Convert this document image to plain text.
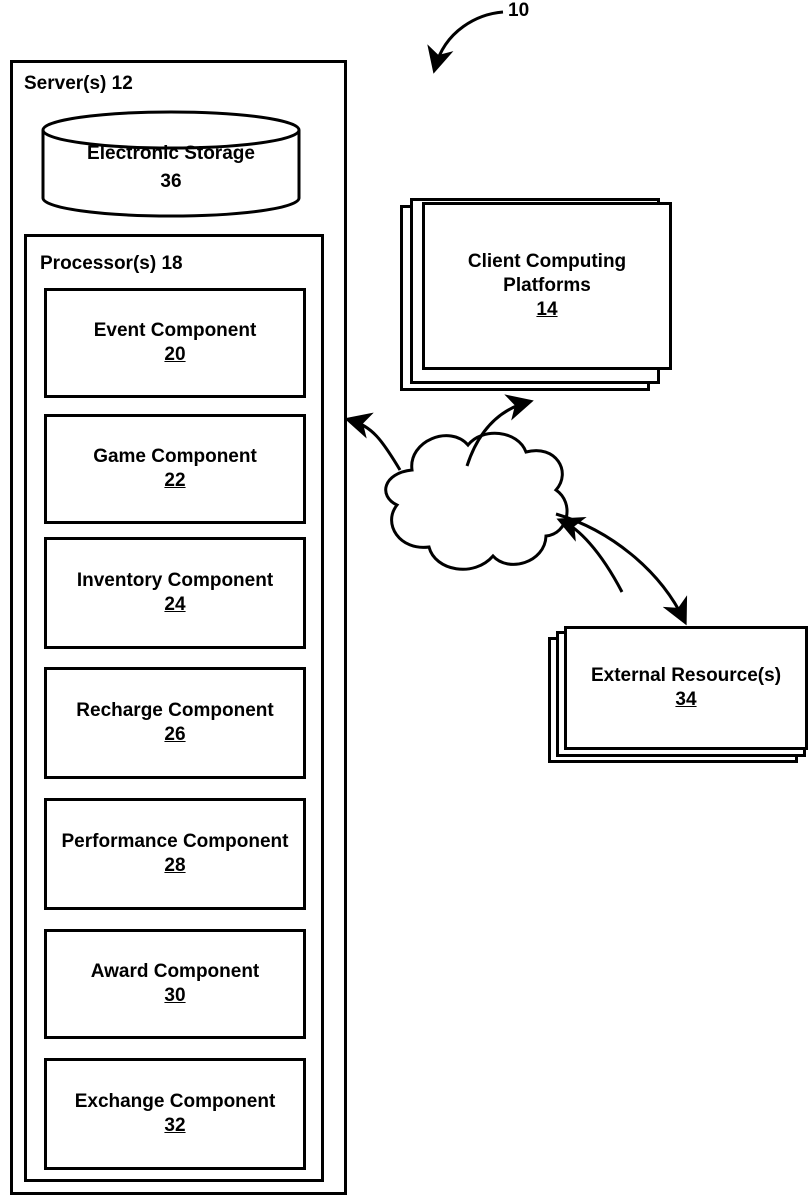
10
Server(s) 12
Electronic Storage
36
Processor(s) 18
Event Component
20
Game Component
22
Inventory Component
24
Recharge Component
26
Performance Component
28
Award Component
30
Exchange Component
32
Client Computing Platforms
14
External Resource(s)
34
